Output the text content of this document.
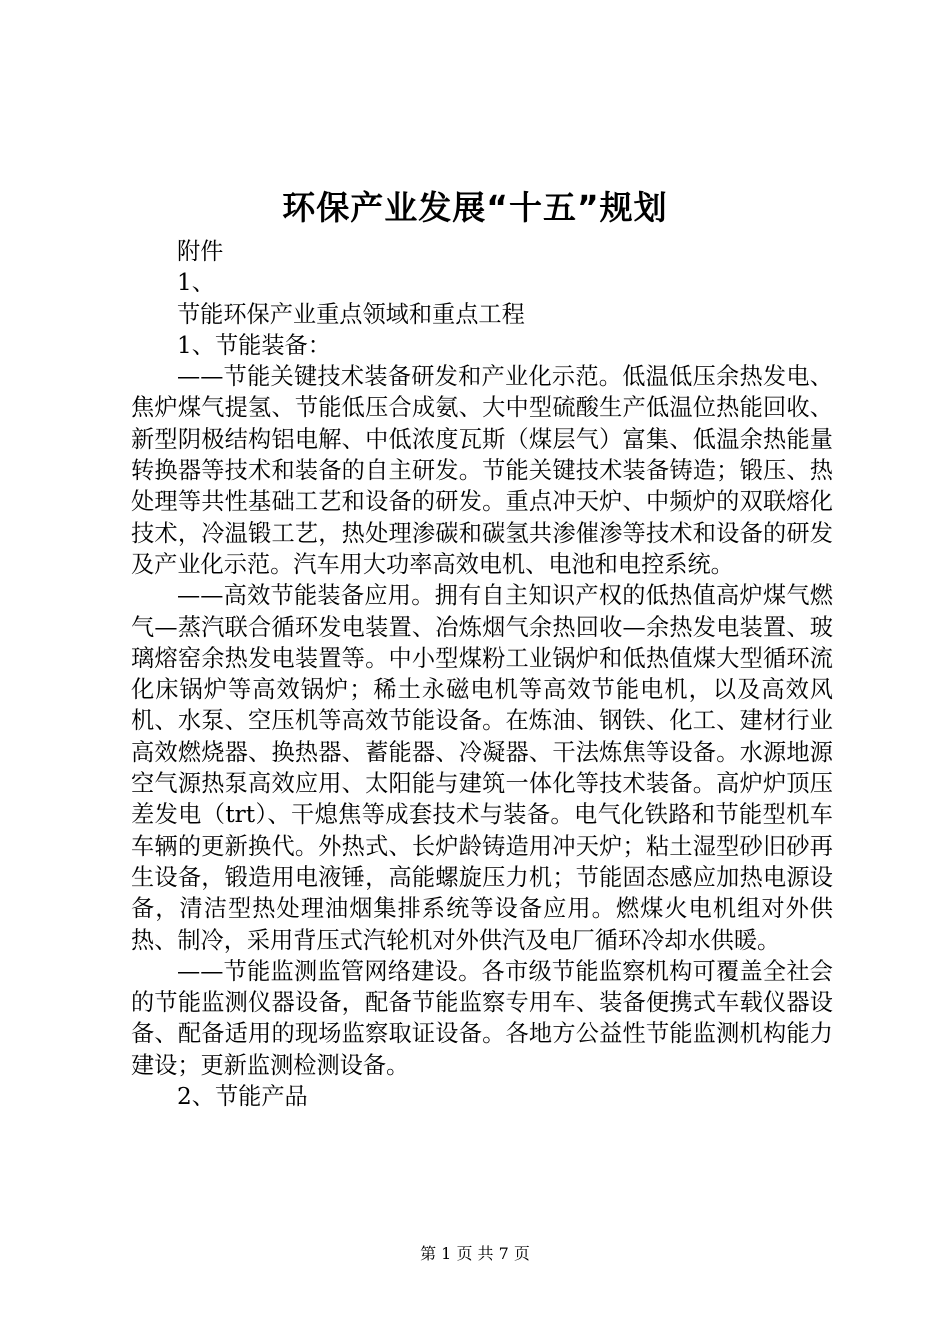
环保产业发展“十五”规划

附件

1、

节能环保产业重点领域和重点工程

1、节能装备：

——节能关键技术装备研发和产业化示范。低温低压余热发电、焦炉煤气提氢、节能低压合成氨、大中型硫酸生产低温位热能回收、新型阴极结构铝电解、中低浓度瓦斯（煤层气）富集、低温余热能量转换器等技术和装备的自主研发。节能关键技术装备铸造；锻压、热处理等共性基础工艺和设备的研发。重点冲天炉、中频炉的双联熔化技术，冷温锻工艺，热处理渗碳和碳氢共渗催渗等技术和设备的研发及产业化示范。汽车用大功率高效电机、电池和电控系统。

——高效节能装备应用。拥有自主知识产权的低热值高炉煤气燃气—蒸汽联合循环发电装置、冶炼烟气余热回收—余热发电装置、玻璃熔窑余热发电装置等。中小型煤粉工业锅炉和低热值煤大型循环流化床锅炉等高效锅炉；稀土永磁电机等高效节能电机，以及高效风机、水泵、空压机等高效节能设备。在炼油、钢铁、化工、建材行业高效燃烧器、换热器、蓄能器、冷凝器、干法炼焦等设备。水源地源空气源热泵高效应用、太阳能与建筑一体化等技术装备。高炉炉顶压差发电（trt）、干熄焦等成套技术与装备。电气化铁路和节能型机车车辆的更新换代。外热式、长炉龄铸造用冲天炉；粘土湿型砂旧砂再生设备，锻造用电液锤，高能螺旋压力机；节能固态感应加热电源设备，清洁型热处理油烟集排系统等设备应用。燃煤火电机组对外供热、制冷，采用背压式汽轮机对外供汽及电厂循环冷却水供暖。

——节能监测监管网络建设。各市级节能监察机构可覆盖全社会的节能监测仪器设备，配备节能监察专用车、装备便携式车载仪器设备、配备适用的现场监察取证设备。各地方公益性节能监测机构能力建设；更新监测检测设备。

2、节能产品

第 1 页 共 7 页
